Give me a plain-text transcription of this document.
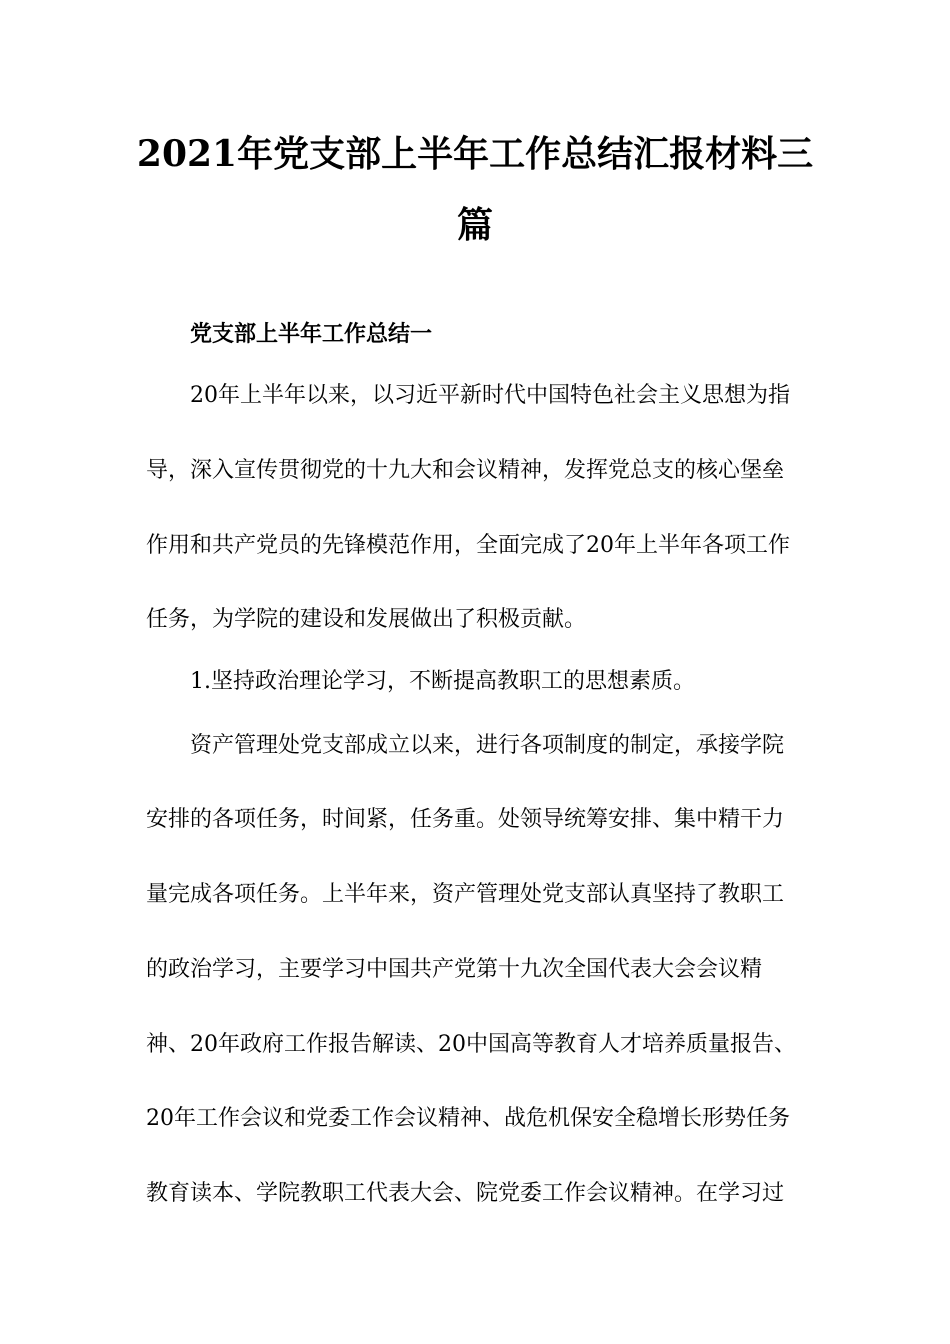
2021年党支部上半年工作总结汇报材料三
篇
党支部上半年工作总结一
20年上半年以来，以习近平新时代中国特色社会主义思想为指
导，深入宣传贯彻党的十九大和会议精神，发挥党总支的核心堡垒
作用和共产党员的先锋模范作用，全面完成了20年上半年各项工作
任务，为学院的建设和发展做出了积极贡献。
1.坚持政治理论学习，不断提高教职工的思想素质。
资产管理处党支部成立以来，进行各项制度的制定，承接学院
安排的各项任务，时间紧，任务重。处领导统筹安排、集中精干力
量完成各项任务。上半年来，资产管理处党支部认真坚持了教职工
的政治学习，主要学习中国共产党第十九次全国代表大会会议精
神、20年政府工作报告解读、20中国高等教育人才培养质量报告、
20年工作会议和党委工作会议精神、战危机保安全稳增长形势任务
教育读本、学院教职工代表大会、院党委工作会议精神。在学习过
